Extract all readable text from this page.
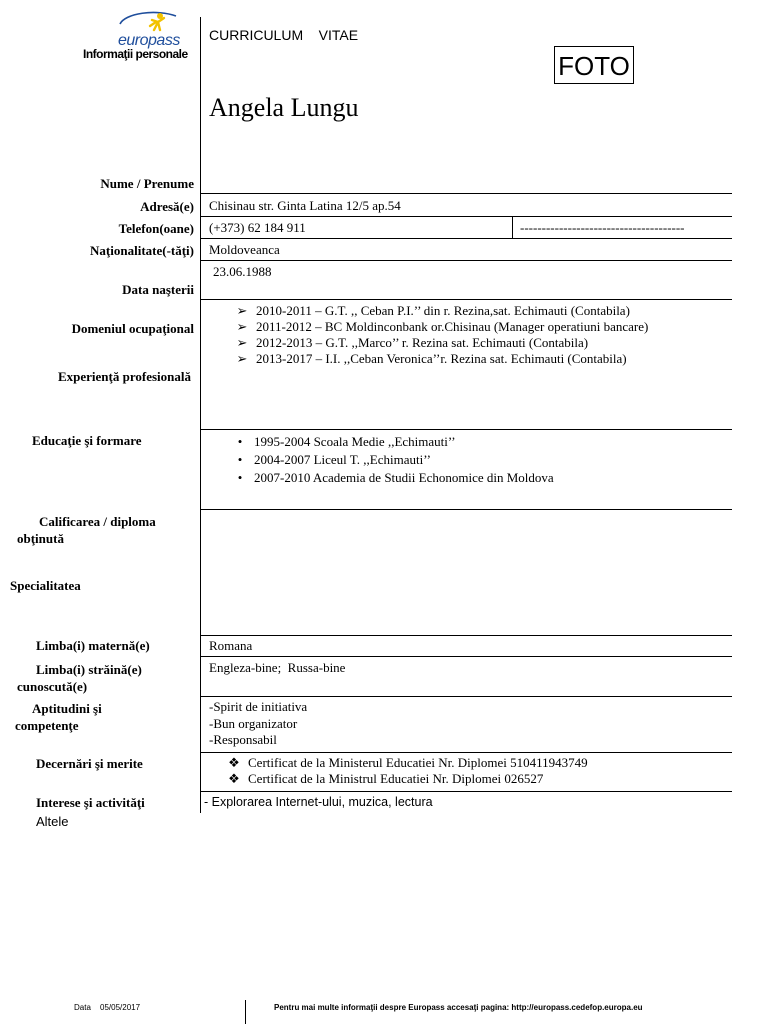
europass
Informaţii personale
CURRICULUM    VITAE
FOTO
Angela Lungu
Nume / Prenume
Adresă(e)
Telefon(oane)
Naţionalitate(-tăţi)
Data naşterii
Domeniul ocupaţional
Experienţă profesională
Educaţie şi formare
Calificarea / diploma obţinută
Specialitatea
Limba(i) maternă(e)
Limba(i) străină(e) cunoscută(e)
Aptitudini şi competenţe
Decernări şi merite
Interese şi activităţi
Altele
Chisinau str. Ginta Latina 12/5 ap.54
(+373) 62 184 911	--------------------------------------
Moldoveanca
23.06.1988
➢ 2010-2011 – G.T. ,, Ceban P.I.’’ din r. Rezina,sat. Echimauti (Contabila)
➢ 2011-2012 – BC Moldinconbank or.Chisinau (Manager operatiuni bancare)
➢ 2012-2013 – G.T. ,,Marco’’ r. Rezina sat. Echimauti (Contabila)
➢ 2013-2017 – I.I. ,,Ceban Veronica’’r. Rezina sat. Echimauti (Contabila)
• 1995-2004 Scoala Medie ,,Echimauti’’
• 2004-2007 Liceul T. ,,Echimauti’’
• 2007-2010 Academia de Studii Echonomice din Moldova
Romana
Engleza-bine;  Russa-bine
-Spirit de initiativa
-Bun organizator
-Responsabil
❖ Certificat de la Ministerul Educatiei Nr. Diplomei 510411943749
❖ Certificat de la Ministrul Educatiei Nr. Diplomei 026527
- Explorarea Internet-ului, muzica, lectura
Data 05/05/2017	Pentru mai multe informaţii despre Europass accesaţi pagina: http://europass.cedefop.europa.eu
